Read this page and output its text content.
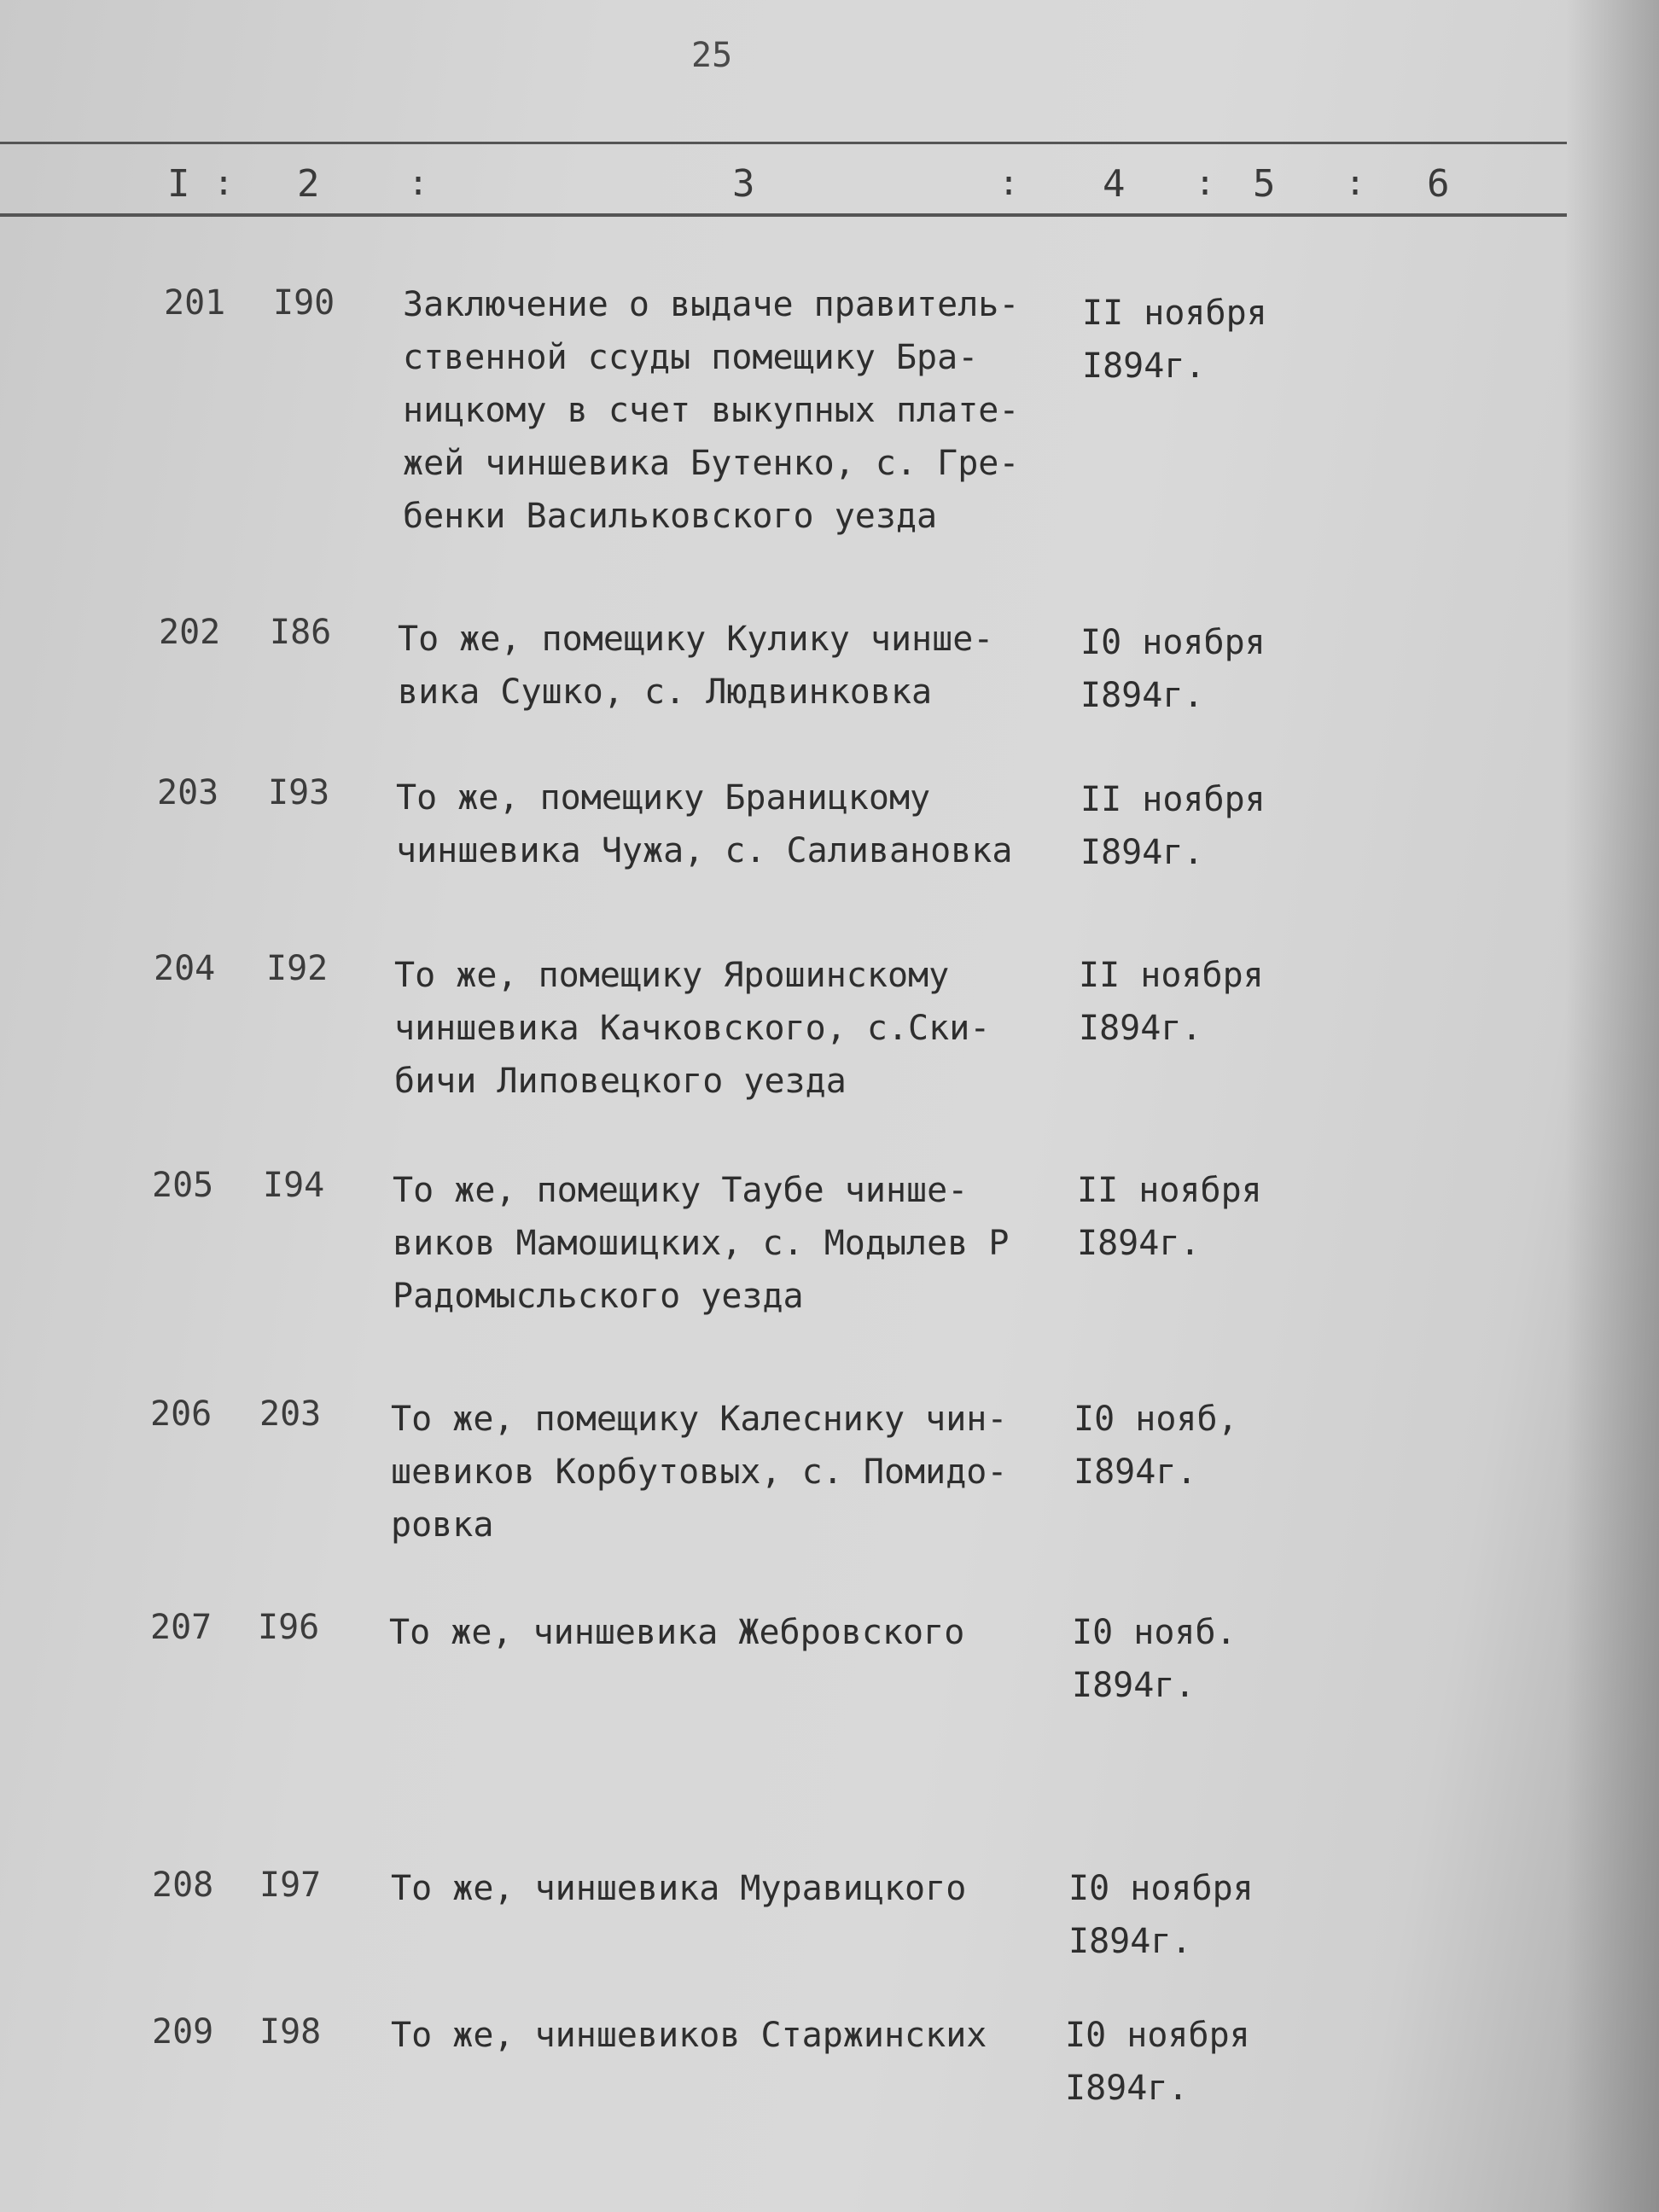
25
I : 2	:	3	: 4 : 5 : 6
201 I90 Заключение о выдаче правитель-
ственной ссуды помещику Бра-
ницкому в счет выкупных плате-
жей чиншевика Бутенко, с. Гре-
бенки Васильковского уезда
II ноября
I894г.
202 I86 То же, помещику Кулику чинше-
вика Сушко, с. Людвинковка
I0 ноября
I894г.
203 I93 То же, помещику Браницкому
чиншевика Чужа, с. Саливановка
II ноября
I894г.
204 I92 То же, помещику Ярошинскому
чиншевика Качковского, с.Ски-
бичи Липовецкого уезда
II ноября
I894г.
205 I94 То же, помещику Таубе чинше-
виков Мамошицких, с. Модылев Р
Радомысльского уезда
II ноября
I894г.
206 203 То же, помещику Калеснику чин-
шевиков Корбутовых, с. Помидо-
ровка
I0 нояб,
I894г.
207 I96 То же, чиншевика Жебровского	I0 нояб.
I894г.
208 I97 То же, чиншевика Муравицкого	I0 ноября
I894г.
209 I98 То же, чиншевиков Старжинских I0 ноября
I894г.
